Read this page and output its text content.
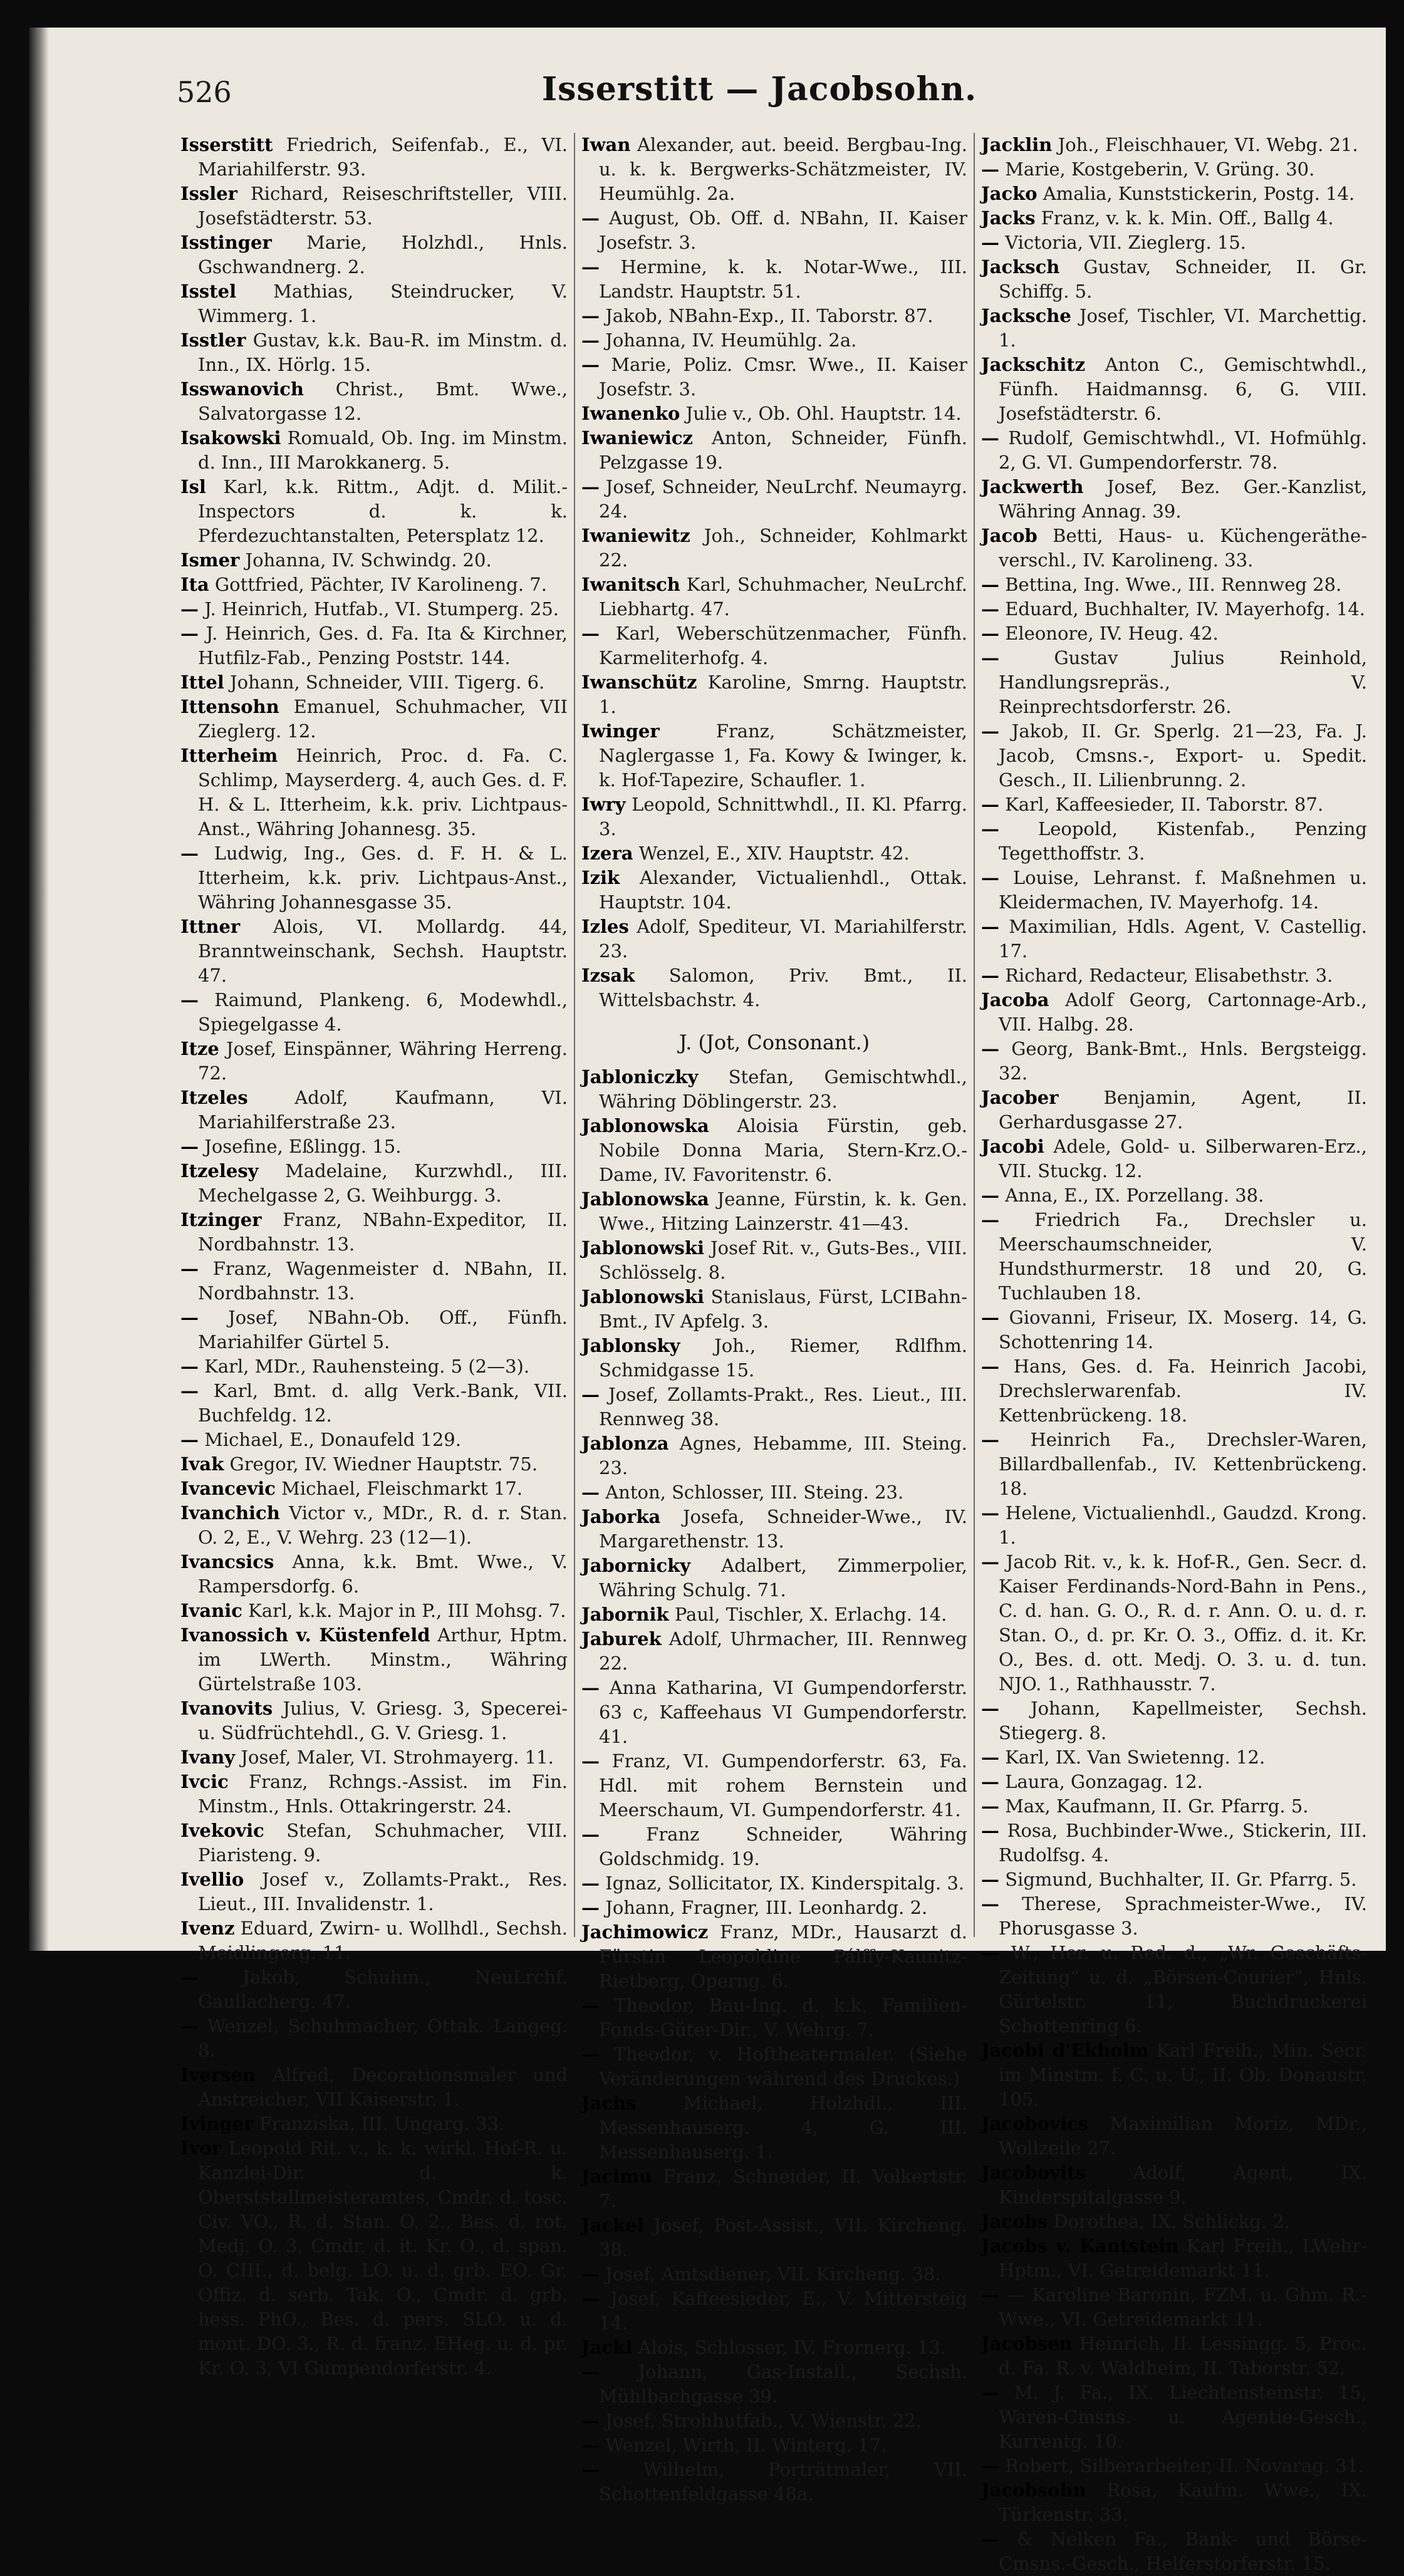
526	Isserstitt — Jacobsohn.

Isserstitt Friedrich, Seifenfab., E., VI. Mariahilferstr. 93.

Issler Richard, Reiseschriftsteller, VIII. Josefstädterstr. 53.

Isstinger Marie, Holzhdl., Hnls. Gschwandnerg. 2.

Isstel Mathias, Steindrucker, V. Wimmerg. 1.

Isstler Gustav, k.k. Bau-R. im Minstm. d. Inn., IX. Hörlg. 15.

Isswanovich Christ., Bmt. Wwe., Salvatorgasse 12.

Isakowski Romuald, Ob. Ing. im Minstm. d. Inn., III Marokkanerg. 5.

Isl Karl, k.k. Rittm., Adjt. d. Milit.-Inspectors d. k. k. Pferdezuchtanstalten, Petersplatz 12.

Ismer Johanna, IV. Schwindg. 20.

Ita Gottfried, Pächter, IV Karolineng. 7.

— J. Heinrich, Hutfab., VI. Stumperg. 25.

— J. Heinrich, Ges. d. Fa. Ita & Kirchner, Hutfilz-Fab., Penzing Poststr. 144.

Ittel Johann, Schneider, VIII. Tigerg. 6.

Ittensohn Emanuel, Schuhmacher, VII Zieglerg. 12.

Itterheim Heinrich, Proc. d. Fa. C. Schlimp, Mayserderg. 4, auch Ges. d. F. H. & L. Itterheim, k.k. priv. Lichtpaus-Anst., Währing Johannesg. 35.

— Ludwig, Ing., Ges. d. F. H. & L. Itterheim, k.k. priv. Lichtpaus-Anst., Währing Johannesgasse 35.

Ittner Alois, VI. Mollardg. 44, Branntweinschank, Sechsh. Hauptstr. 47.

— Raimund, Plankeng. 6, Modewhdl., Spiegelgasse 4.

Itze Josef, Einspänner, Währing Herreng. 72.

Itzeles Adolf, Kaufmann, VI. Mariahilferstraße 23.

— Josefine, Eßlingg. 15.

Itzelesy Madelaine, Kurzwhdl., III. Mechelgasse 2, G. Weihburgg. 3.

Itzinger Franz, NBahn-Expeditor, II. Nordbahnstr. 13.

— Franz, Wagenmeister d. NBahn, II. Nordbahnstr. 13.

— Josef, NBahn-Ob. Off., Fünfh. Mariahilfer Gürtel 5.

— Karl, MDr., Rauhensteing. 5 (2—3).

— Karl, Bmt. d. allg Verk.-Bank, VII. Buchfeldg. 12.

— Michael, E., Donaufeld 129.

Ivak Gregor, IV. Wiedner Hauptstr. 75.

Ivancevic Michael, Fleischmarkt 17.

Ivanchich Victor v., MDr., R. d. r. Stan. O. 2, E., V. Wehrg. 23 (12—1).

Ivancsics Anna, k.k. Bmt. Wwe., V. Rampersdorfg. 6.

Ivanic Karl, k.k. Major in P., III Mohsg. 7.

Ivanossich v. Küstenfeld Arthur, Hptm. im LWerth. Minstm., Währing Gürtelstraße 103.

Ivanovits Julius, V. Griesg. 3, Specerei- u. Südfrüchtehdl., G. V. Griesg. 1.

Ivany Josef, Maler, VI. Strohmayerg. 11.

Ivcic Franz, Rchngs.-Assist. im Fin. Minstm., Hnls. Ottakringerstr. 24.

Ivekovic Stefan, Schuhmacher, VIII. Piaristeng. 9.

Ivellio Josef v., Zollamts-Prakt., Res. Lieut., III. Invalidenstr. 1.

Ivenz Eduard, Zwirn- u. Wollhdl., Sechsh. Meidlingerg. 11.

— Jakob, Schuhm., NeuLrchf. Gaullacherg. 47.

— Wenzel, Schuhmacher, Ottak. Langeg. 8.

Iversen Alfred, Decorationsmaler und Anstreicher, VII Kaiserstr. 1.

Ivinger Franziska, III. Ungarg. 33.

Ivor Leopold Rit. v., k. k. wirkl. Hof-R. u. Kanzlei-Dir. d. k. Oberststallmeisteramtes, Cmdr. d. tosc. Civ. VO., R. d. Stan. O. 2., Bes. d. rot. Medj. O. 3, Cmdr. d. it. Kr. O., d. span. O. CIII., d. belg. LO. u. d. grb. EO. Gr. Offiz. d. serb. Tak. O., Cmdr. d. grb. hess. PhO., Bes. d. pers. SLO. u. d. mont. DO. 3., R. d. franz. EHeg. u. d. pr. Kr. O. 3, VI Gumpendorferstr. 4.

Iwan Alexander, aut. beeid. Bergbau-Ing. u. k. k. Bergwerks-Schätzmeister, IV. Heumühlg. 2a.

— August, Ob. Off. d. NBahn, II. Kaiser Josefstr. 3.

— Hermine, k. k. Notar-Wwe., III. Landstr. Hauptstr. 51.

— Jakob, NBahn-Exp., II. Taborstr. 87.

— Johanna, IV. Heumühlg. 2a.

— Marie, Poliz. Cmsr. Wwe., II. Kaiser Josefstr. 3.

Iwanenko Julie v., Ob. Ohl. Hauptstr. 14.

Iwaniewicz Anton, Schneider, Fünfh. Pelzgasse 19.

— Josef, Schneider, NeuLrchf. Neumayrg. 24.

Iwaniewitz Joh., Schneider, Kohlmarkt 22.

Iwanitsch Karl, Schuhmacher, NeuLrchf. Liebhartg. 47.

— Karl, Weberschützenmacher, Fünfh. Karmeliterhofg. 4.

Iwanschütz Karoline, Smrng. Hauptstr. 1.

Iwinger Franz, Schätzmeister, Naglergasse 1, Fa. Kowy & Iwinger, k. k. Hof-Tapezire, Schaufler. 1.

Iwry Leopold, Schnittwhdl., II. Kl. Pfarrg. 3.

Izera Wenzel, E., XIV. Hauptstr. 42.

Izik Alexander, Victualienhdl., Ottak. Hauptstr. 104.

Izles Adolf, Spediteur, VI. Mariahilferstr. 23.

Izsak Salomon, Priv. Bmt., II. Wittelsbachstr. 4.

J. (Jot, Consonant.)

Jabloniczky Stefan, Gemischtwhdl., Währing Döblingerstr. 23.

Jablonowska Aloisia Fürstin, geb. Nobile Donna Maria, Stern-Krz.O.-Dame, IV. Favoritenstr. 6.

Jablonowska Jeanne, Fürstin, k. k. Gen. Wwe., Hitzing Lainzerstr. 41—43.

Jablonowski Josef Rit. v., Guts-Bes., VIII. Schlösselg. 8.

Jablonowski Stanislaus, Fürst, LCIBahn-Bmt., IV Apfelg. 3.

Jablonsky Joh., Riemer, Rdlfhm. Schmidgasse 15.

— Josef, Zollamts-Prakt., Res. Lieut., III. Rennweg 38.

Jablonza Agnes, Hebamme, III. Steing. 23.

— Anton, Schlosser, III. Steing. 23.

Jaborka Josefa, Schneider-Wwe., IV. Margarethenstr. 13.

Jabornicky Adalbert, Zimmerpolier, Währing Schulg. 71.

Jabornik Paul, Tischler, X. Erlachg. 14.

Jaburek Adolf, Uhrmacher, III. Rennweg 22.

— Anna Katharina, VI Gumpendorferstr. 63 c, Kaffeehaus VI Gumpendorferstr. 41.

— Franz, VI. Gumpendorferstr. 63, Fa. Hdl. mit rohem Bernstein und Meerschaum, VI. Gumpendorferstr. 41.

— Franz Schneider, Währing Goldschmidg. 19.

— Ignaz, Sollicitator, IX. Kinderspitalg. 3.

— Johann, Fragner, III. Leonhardg. 2.

Jachimowicz Franz, MDr., Hausarzt d. Fürstin Leopoldine Pálffy-Kaunitz-Rietberg, Operng. 6.

— Theodor, Bau-Ing. d. k.k. Familien-Fonds-Güter-Dir., V. Wehrg. 7.

— Theodor, v. Hoftheatermaler. (Siehe Veränderungen während des Druckes.)

Jachs Michael, Holzhdl., III. Messenhauserg. 4, G. III. Messenhauserg. 1.

Jacimu Franz, Schneider, II. Volkertstr. 7.

Jackel Josef, Post-Assist., VII. Kircheng. 38.

— Josef, Amtsdiener, VII. Kircheng. 38.

— Josef, Kaffeesieder, E., V. Mittersteig 14.

Jackl Alois, Schlosser, IV. Frornerg. 13.

— Johann, Gas-Install., Sechsh. Mühlbachgasse 39.

— Josef, Strohhutfab., V. Wienstr. 22.

— Wenzel, Wirth, II. Winterg. 17.

— Wilhelm, Porträtmaler, VII. Schottenfeldgasse 48a.

Jacklin Joh., Fleischhauer, VI. Webg. 21.

— Marie, Kostgeberin, V. Grüng. 30.

Jacko Amalia, Kunststickerin, Postg. 14.

Jacks Franz, v. k. k. Min. Off., Ballg 4.

— Victoria, VII. Zieglerg. 15.

Jacksch Gustav, Schneider, II. Gr. Schiffg. 5.

Jacksche Josef, Tischler, VI. Marchettig. 1.

Jackschitz Anton C., Gemischtwhdl., Fünfh. Haidmannsg. 6, G. VIII. Josefstädterstr. 6.

— Rudolf, Gemischtwhdl., VI. Hofmühlg. 2, G. VI. Gumpendorferstr. 78.

Jackwerth Josef, Bez. Ger.-Kanzlist, Währing Annag. 39.

Jacob Betti, Haus- u. Küchengeräthe-verschl., IV. Karolineng. 33.

— Bettina, Ing. Wwe., III. Rennweg 28.

— Eduard, Buchhalter, IV. Mayerhofg. 14.

— Eleonore, IV. Heug. 42.

— Gustav Julius Reinhold, Handlungsrepräs., V. Reinprechtsdorferstr. 26.

— Jakob, II. Gr. Sperlg. 21—23, Fa. J. Jacob, Cmsns.-, Export- u. Spedit. Gesch., II. Lilienbrunng. 2.

— Karl, Kaffeesieder, II. Taborstr. 87.

— Leopold, Kistenfab., Penzing Tegetthoffstr. 3.

— Louise, Lehranst. f. Maßnehmen u. Kleidermachen, IV. Mayerhofg. 14.

— Maximilian, Hdls. Agent, V. Castellig. 17.

— Richard, Redacteur, Elisabethstr. 3.

Jacoba Adolf Georg, Cartonnage-Arb., VII. Halbg. 28.

— Georg, Bank-Bmt., Hnls. Bergsteigg. 32.

Jacober Benjamin, Agent, II. Gerhardusgasse 27.

Jacobi Adele, Gold- u. Silberwaren-Erz., VII. Stuckg. 12.

— Anna, E., IX. Porzellang. 38.

— Friedrich Fa., Drechsler u. Meerschaumschneider, V. Hundsthurmerstr. 18 und 20, G. Tuchlauben 18.

— Giovanni, Friseur, IX. Moserg. 14, G. Schottenring 14.

— Hans, Ges. d. Fa. Heinrich Jacobi, Drechslerwarenfab. IV. Kettenbrückeng. 18.

— Heinrich Fa., Drechsler-Waren, Billardballenfab., IV. Kettenbrückeng. 18.

— Helene, Victualienhdl., Gaudzd. Krong. 1.

— Jacob Rit. v., k. k. Hof-R., Gen. Secr. d. Kaiser Ferdinands-Nord-Bahn in Pens., C. d. han. G. O., R. d. r. Ann. O. u. d. r. Stan. O., d. pr. Kr. O. 3., Offiz. d. it. Kr. O., Bes. d. ott. Medj. O. 3. u. d. tun. NJO. 1., Rathhausstr. 7.

— Johann, Kapellmeister, Sechsh. Stiegerg. 8.

— Karl, IX. Van Swietenng. 12.

— Laura, Gonzagag. 12.

— Max, Kaufmann, II. Gr. Pfarrg. 5.

— Rosa, Buchbinder-Wwe., Stickerin, III. Rudolfsg. 4.

— Sigmund, Buchhalter, II. Gr. Pfarrg. 5.

— Therese, Sprachmeister-Wwe., IV. Phorusgasse 3.

— W., Her. u. Red. d., „Wr. Geschäfts-Zeitung“ u. d. „Börsen-Courier“, Hnls. Gürtelstr. 11, Buchdruckerei Schottenring 6.

Jacobi d'Ekholm Karl Freih., Min. Secr. im Minstm. f. C. u. U., II. Ob. Donaustr. 105.

Jacobovics Maximilian Moriz, MDr., Wollzeile 27.

Jacobovits Adolf, Agent, IX. Kinderspitalgasse 9.

Jacobs Dorothea, IX. Schlickg. 2.

Jacobs v. Kantstein Karl Freih., LWehr-Hptm., VI. Getreidemarkt 11.

— — Karoline Baronin, FZM. u. Ghm. R.-Wwe., VI. Getreidemarkt 11.

Jacobsen Heinrich, II. Lessingg. 5, Proc. d. Fa. R. v. Waldheim, II. Taborstr. 52.

— M. J. Fa., IX. Liechtensteinstr. 15, Waren-Cmsns. u. Agentie-Gesch., Kurrentg. 10.

— Robert, Silberarbeiter, II. Novarag. 31.

Jacobsohn Rosa, Kaufm. Wwe., IX. Türkenstr. 33.

— & Nelken Fa., Bank- und Börse-Cmsns.-Gesch., Helferstorferstr. 15.
